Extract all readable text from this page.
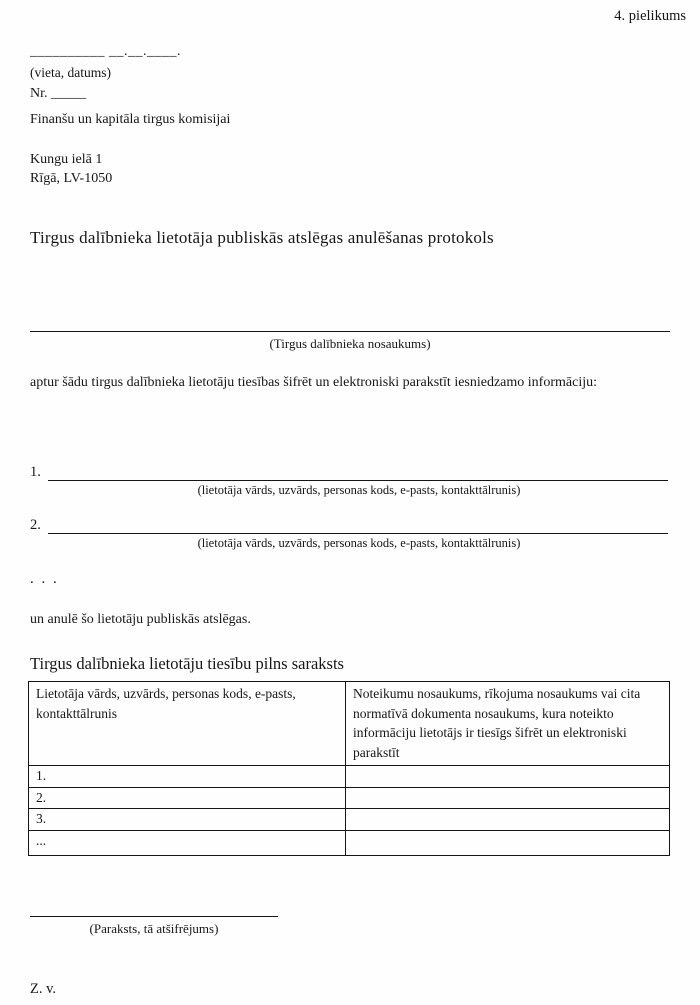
4. pielikums
__________ __.__.____.
(vieta, datums)
Nr. _____
Finanšu un kapitāla tirgus komisijai
Kungu ielā 1
Rīgā, LV-1050
Tirgus dalībnieka lietotāja publiskās atslēgas anulēšanas protokols
(Tirgus dalībnieka nosaukums)
aptur šādu tirgus dalībnieka lietotāju tiesības šifrēt un elektroniski parakstīt iesniedzamo informāciju:
1.
(lietotāja vārds, uzvārds, personas kods, e-pasts, kontakttālrunis)
2.
(lietotāja vārds, uzvārds, personas kods, e-pasts, kontakttālrunis)
. . .
un anulē šo lietotāju publiskās atslēgas.
Tirgus dalībnieka lietotāju tiesību pilns saraksts
Lietotāja vārds, uzvārds, personas kods, e-pasts, kontakttālrunis	Noteikumu nosaukums, rīkojuma nosaukums vai cita normatīvā dokumenta nosaukums, kura noteikto informāciju lietotājs ir tiesīgs šifrēt un elektroniski parakstīt
1.	
2.	
3.	
...	
(Paraksts, tā atšifrējums)
Z. v.
